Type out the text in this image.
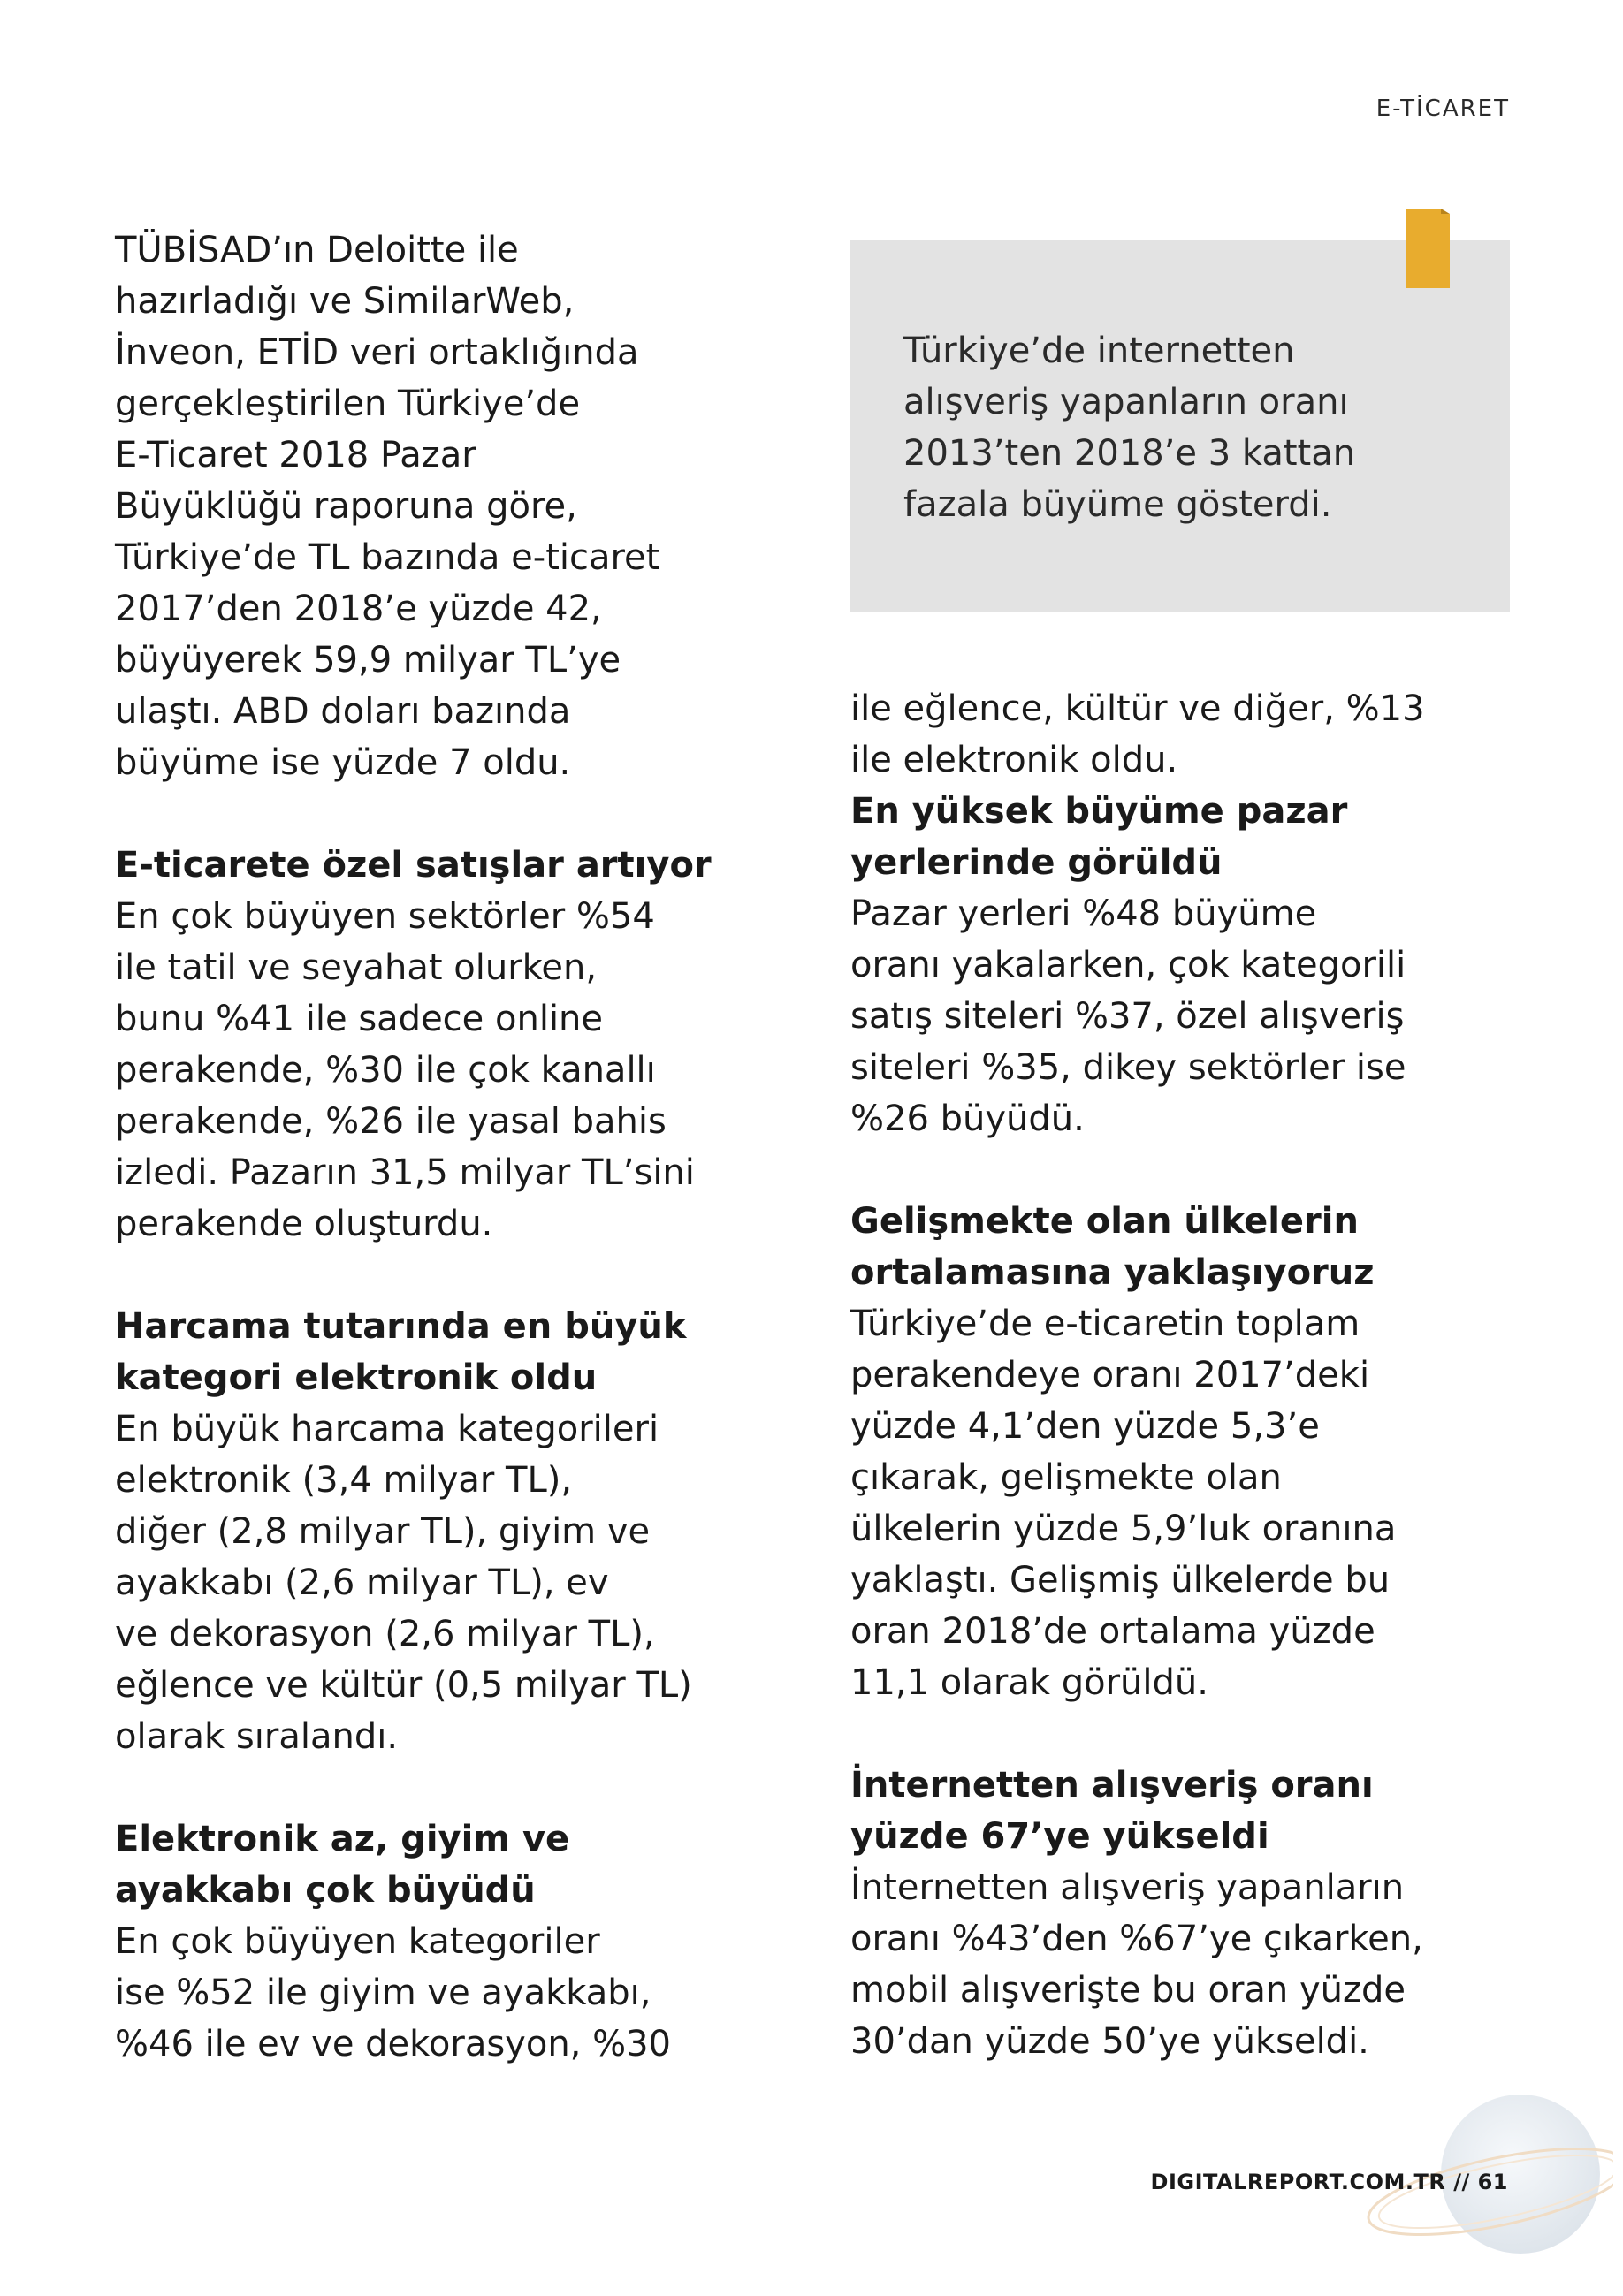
E-TİCARET

TÜBİSAD’ın Deloitte ile
hazırladığı ve SimilarWeb,
İnveon, ETİD veri ortaklığında
gerçekleştirilen Türkiye’de
E-Ticaret 2018 Pazar
Büyüklüğü raporuna göre,
Türkiye’de TL bazında e-ticaret
2017’den 2018’e yüzde 42,
büyüyerek 59,9 milyar TL’ye
ulaştı. ABD doları bazında
büyüme ise yüzde 7 oldu.

E-ticarete özel satışlar artıyor

En çok büyüyen sektörler %54
ile tatil ve seyahat olurken,
bunu %41 ile sadece online
perakende, %30 ile çok kanallı
perakende, %26 ile yasal bahis
izledi. Pazarın 31,5 milyar TL’sini
perakende oluşturdu.

Harcama tutarında en büyük
kategori elektronik oldu

En büyük harcama kategorileri
elektronik (3,4 milyar TL),
diğer (2,8 milyar TL), giyim ve
ayakkabı (2,6 milyar TL), ev
ve dekorasyon (2,6 milyar TL),
eğlence ve kültür (0,5 milyar TL)
olarak sıralandı.

Elektronik az, giyim ve
ayakkabı çok büyüdü

En çok büyüyen kategoriler
ise %52 ile giyim ve ayakkabı,
%46 ile ev ve dekorasyon, %30

Türkiye’de internetten
alışveriş yapanların oranı
2013’ten 2018’e 3 kattan
fazala büyüme gösterdi.

ile eğlence, kültür ve diğer, %13
ile elektronik oldu.

En yüksek büyüme pazar
yerlerinde görüldü

Pazar yerleri %48 büyüme
oranı yakalarken, çok kategorili
satış siteleri %37, özel alışveriş
siteleri %35, dikey sektörler ise
%26 büyüdü.

Gelişmekte olan ülkelerin
ortalamasına yaklaşıyoruz

Türkiye’de e-ticaretin toplam
perakendeye oranı 2017’deki
yüzde 4,1’den yüzde 5,3’e
çıkarak, gelişmekte olan
ülkelerin yüzde 5,9’luk oranına
yaklaştı. Gelişmiş ülkelerde bu
oran 2018’de ortalama yüzde
11,1 olarak görüldü.

İnternetten alışveriş oranı
yüzde 67’ye yükseldi

İnternetten alışveriş yapanların
oranı %43’den %67’ye çıkarken,
mobil alışverişte bu oran yüzde
30’dan yüzde 50’ye yükseldi.

DIGITALREPORT.COM.TR // 61
